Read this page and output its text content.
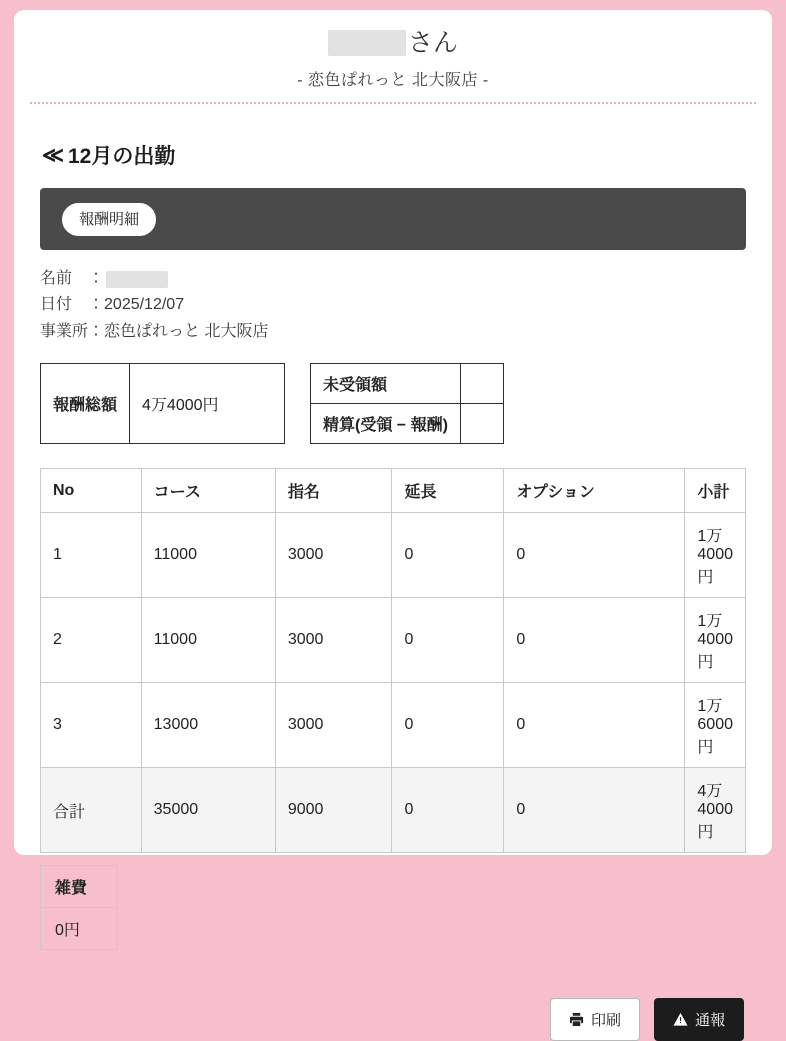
さん
- 恋色ぱれっと 北大阪店 -
≪ 12月の出勤
報酬明細
名前　：
日付　： 2025/12/07
事業所： 恋色ぱれっと 北大阪店
報酬総額	4万4000円
未受領額	
精算(受領 − 報酬)	
No	コース	指名	延長	オプション	小計
1	11000	3000	0	0	1万4000円
2	11000	3000	0	0	1万4000円
3	13000	3000	0	0	1万6000円
合計	35000	9000	0	0	4万4000円
雑費
0円
印刷	通報
